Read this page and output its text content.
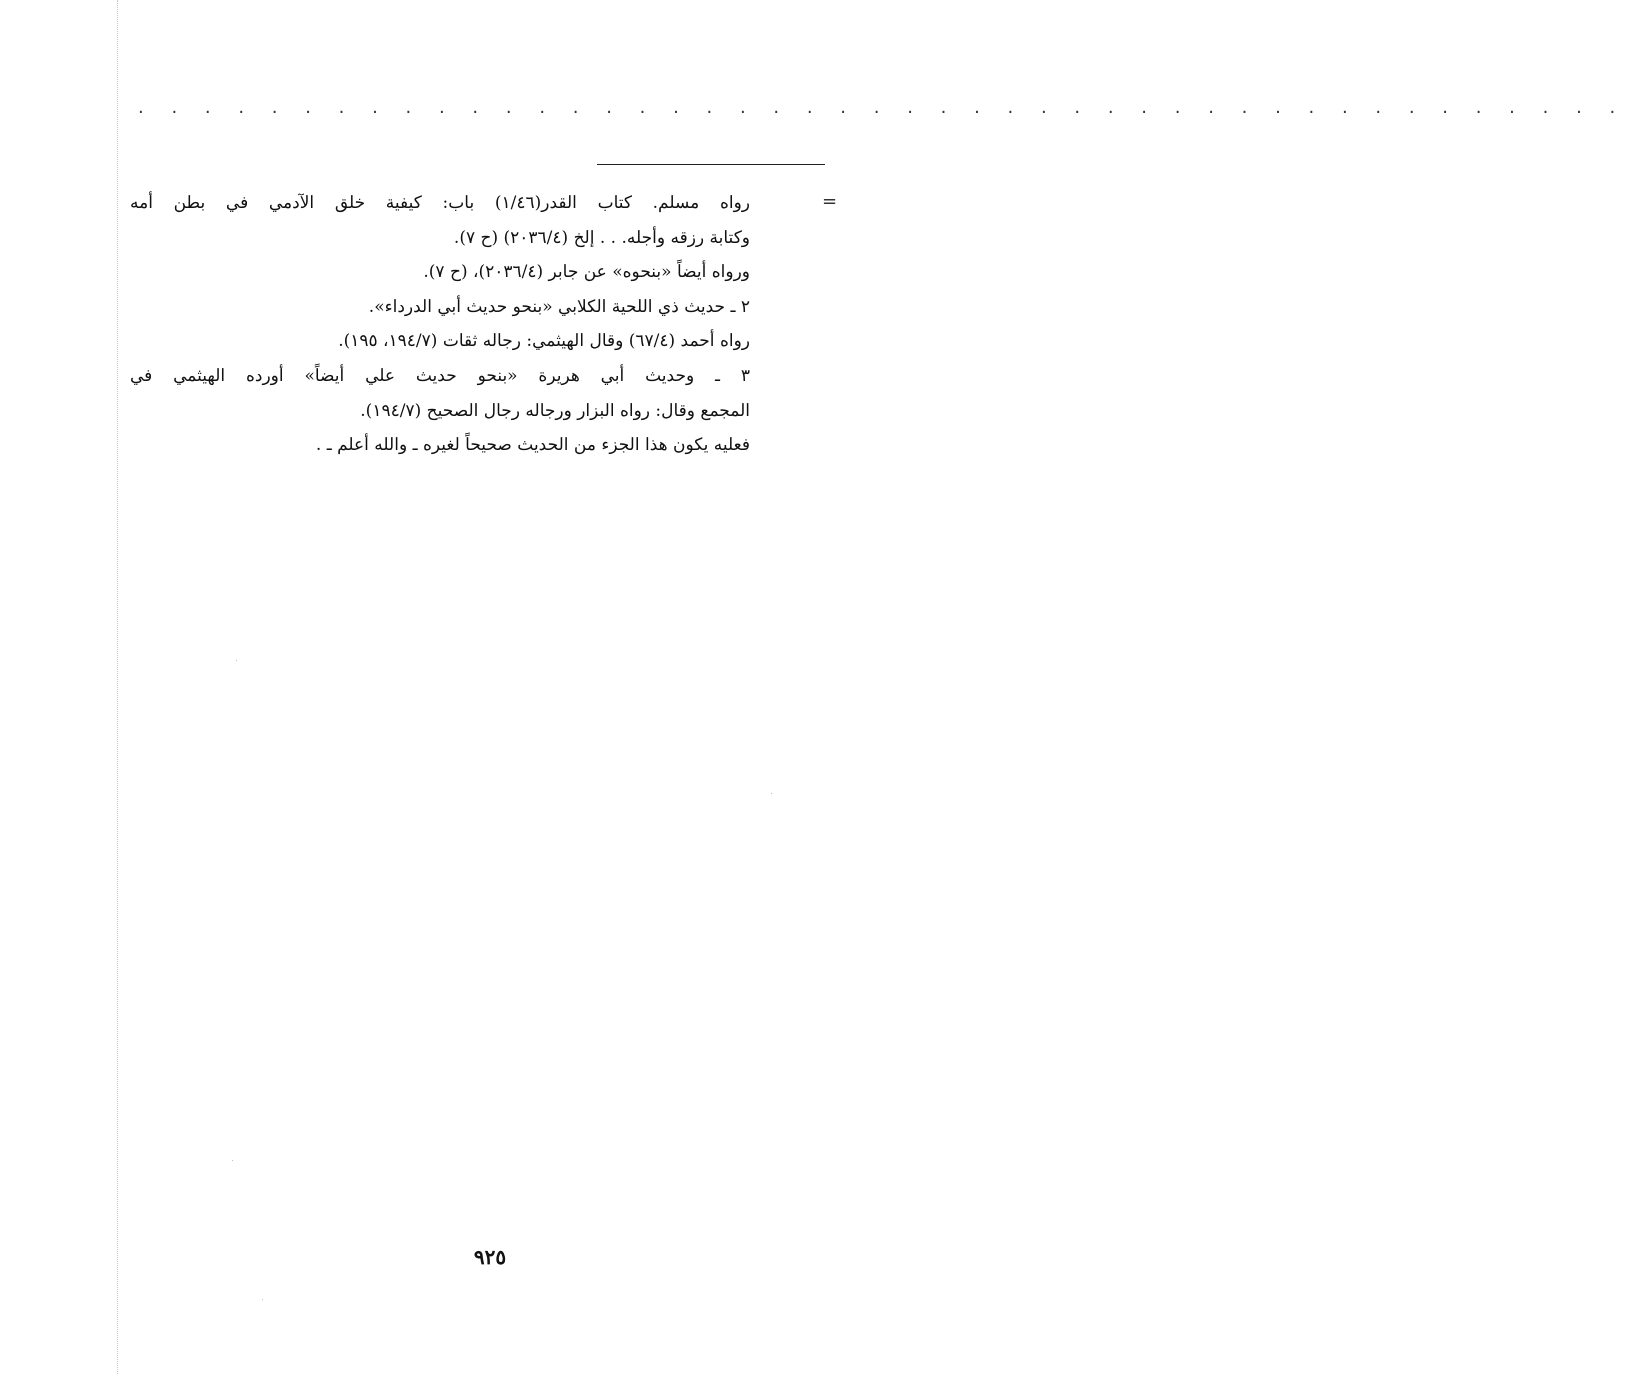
. . . . . . . . . . . . . . . . . . . . . . . . . . . . . . . . . . . . . . . . . . . . .
=
رواه مسلم. كتاب القدر(١/٤٦) باب: كيفية خلق الآدمي في بطن أمه
وكتابة رزقه وأجله. . . إلخ (٢٠٣٦/٤) (ح ٧).
ورواه أيضاً «بنحوه» عن جابر (٢٠٣٦/٤)، (ح ٧).
٢ ـ حديث ذي اللحية الكلابي «بنحو حديث أبي الدرداء».
رواه أحمد (٦٧/٤) وقال الهيثمي: رجاله ثقات (١٩٤/٧، ١٩٥).
٣ ـ وحديث أبي هريرة «بنحو حديث علي أيضاً» أورده الهيثمي في
المجمع وقال: رواه البزار ورجاله رجال الصحيح (١٩٤/٧).
فعليه يكون هذا الجزء من الحديث صحيحاً لغيره ـ والله أعلم ـ .
٩٢٥
